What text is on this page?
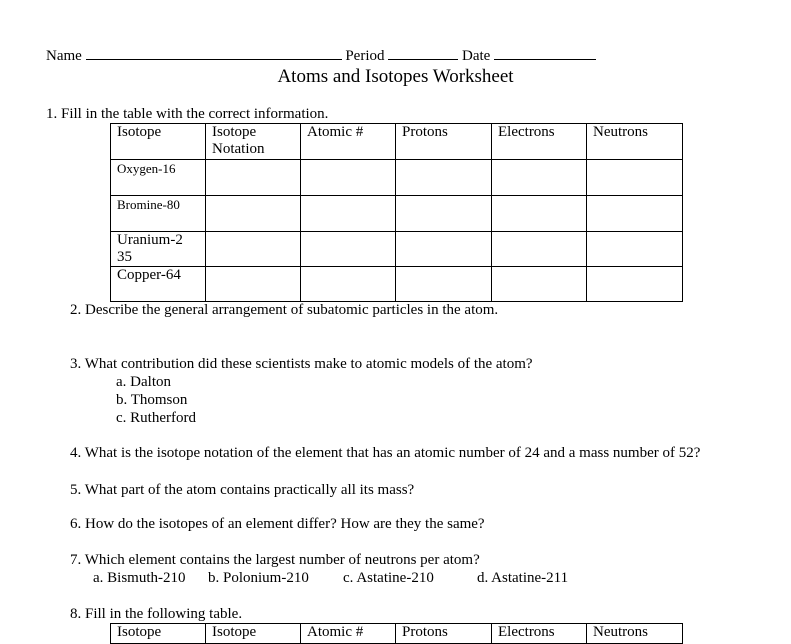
Name	Period	Date
Atoms and Isotopes Worksheet
1. Fill in the table with the correct information.
Isotope	Isotope Notation	Atomic #	Protons	Electrons	Neutrons
Oxygen-16					
Bromine-80					
Uranium-235					
Copper-64					
2. Describe the general arrangement of subatomic particles in the atom.
3. What contribution did these scientists make to atomic models of the atom?
a. Dalton
b. Thomson
c. Rutherford
4. What is the isotope notation of the element that has an atomic number of 24 and a mass number of 52?
5. What part of the atom contains practically all its mass?
6. How do the isotopes of an element differ? How are they the same?
7. Which element contains the largest number of neutrons per atom?
a. Bismuth-210 b. Polonium-210 c. Astatine-210	d. Astatine-211
8. Fill in the following table.
Isotope	Isotope	Atomic #	Protons	Electrons	Neutrons
